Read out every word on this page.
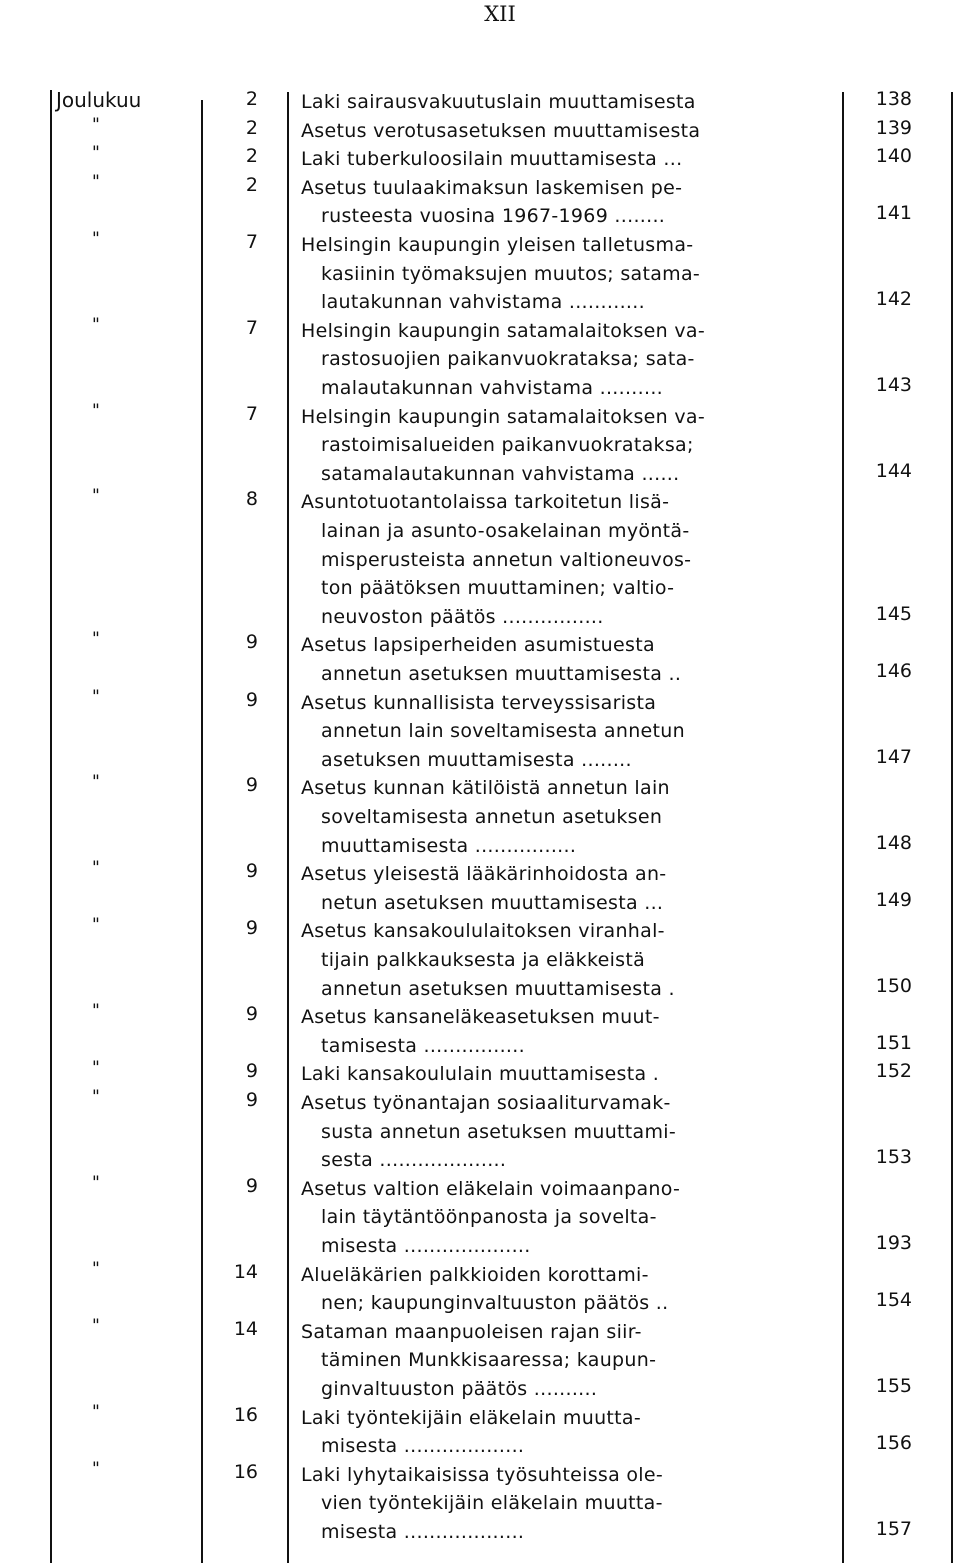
XII
Joulukuu	2 Laki sairausvakuutuslain muuttamisesta	138
"	2 Asetus verotusasetuksen muuttamisesta	139
"	2 Laki tuberkuloosilain muuttamisesta ...	140
"	2 Asetus tuulaakimaksun laskemisen pe-
rusteesta vuosina 1967-1969 ........	141
"	7 Helsingin kaupungin yleisen talletusma-
kasiinin työmaksujen muutos; satama-
lautakunnan vahvistama ............	142
"	7 Helsingin kaupungin satamalaitoksen va-
rastosuojien paikanvuokrataksa; sata-
malautakunnan vahvistama ..........	143
"	7 Helsingin kaupungin satamalaitoksen va-
rastoimisalueiden paikanvuokrataksa;
satamalautakunnan vahvistama ......	144
"	8 Asuntotuotantolaissa tarkoitetun lisä-
lainan ja asunto-osakelainan myöntä-
misperusteista annetun valtioneuvos-
ton päätöksen muuttaminen; valtio-
neuvoston päätös ................	145
"	9 Asetus lapsiperheiden asumistuesta
annetun asetuksen muuttamisesta ..	146
"	9 Asetus kunnallisista terveyssisarista
annetun lain soveltamisesta annetun
asetuksen muuttamisesta ........	147
"	9 Asetus kunnan kätilöistä annetun lain
soveltamisesta annetun asetuksen
muuttamisesta ................	148
"	9 Asetus yleisestä lääkärinhoidosta an-
netun asetuksen muuttamisesta ...	149
"	9 Asetus kansakoululaitoksen viranhal-
tijain palkkauksesta ja eläkkeistä
annetun asetuksen muuttamisesta .	150
"	9 Asetus kansaneläkeasetuksen muut-
tamisesta ................	151
"	9 Laki kansakoululain muuttamisesta .	152
"	9 Asetus työnantajan sosiaaliturvamak-
susta annetun asetuksen muuttami-
sesta ....................	153
"	9 Asetus valtion eläkelain voimaanpano-
lain täytäntöönpanosta ja sovelta-
misesta ....................	193
"	14 Alueläkärien palkkioiden korottami-
nen; kaupunginvaltuuston päätös ..	154
"	14 Sataman maanpuoleisen rajan siir-
täminen Munkkisaaressa; kaupun-
ginvaltuuston päätös ..........	155
"	16 Laki työntekijäin eläkelain muutta-
misesta ...................	156
"	16 Laki lyhytaikaisissa työsuhteissa ole-
vien työntekijäin eläkelain muutta-
misesta ...................	157
